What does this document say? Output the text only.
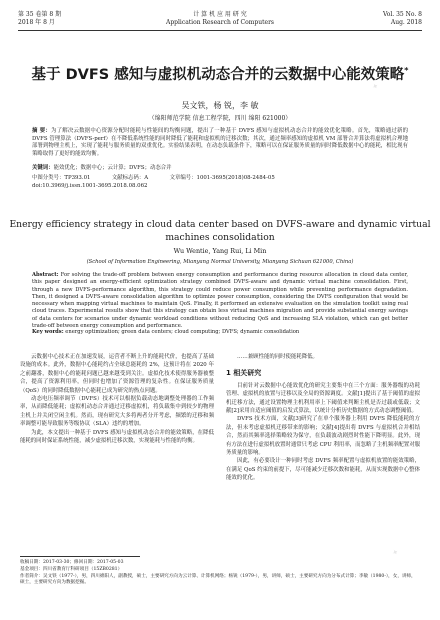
第 35 卷第 8 期
2018 年 8 月
计 算 机 应 用 研 究
Application Research of Computers
Vol. 35 No. 8
Aug. 2018
✦
✦
基于 DVFS 感知与虚拟机动态合并的云数据中心能效策略*
吴文铁，杨 锐，李 敏
（绵阳师范学院 信息工程学院，四川 绵阳 621000）
摘 要：为了解决云数据中心资源分配时能耗与性能间的均衡问题，提出了一种基于 DVFS 感知与虚拟机动态合并的能效优化策略。首先，策略通过新的 DVFS 管理算法（DVFS-perf）在不降低系统性能的同时降低了能耗和虚拟机的迁移次数；其次，通过频率感知的虚拟机 VM 部署合并算法将虚拟机合理地部署到物理主机上，实现了能耗与服务质量的双重优化。实验结果表明，在动态负载条件下，策略可以在保证服务质量的同时降低数据中心的能耗，相比现有策略取得了更好的能效均衡。
关键词：能效优化；数据中心；云计算；DVFS；动态合并
中图分类号：TP393.01	文献标志码：A	文章编号：1001-3695(2018)08-2484-05
doi:10.3969/j.issn.1001-3695.2018.08.062
Energy efficiency strategy in cloud data center based on DVFS-aware and dynamic virtual machines consolidation
Wu Wentie, Yang Rui, Li Min
(School of Information Engineering, Mianyang Normal University, Mianyang Sichuan 621000, China)
Abstract: For solving the trade-off problem between energy consumption and performance during resource allocation in cloud data center, this paper designed an energy-efficient optimization strategy combined DVFS-aware and dynamic virtual machine consolidation. First, through a new DVFS-performance algorithm, this strategy could reduce power consumption while preventing performance degradation. Then, it designed a DVFS-aware consolidation algorithm to optimize power consumption, considering the DVFS configuration that would be necessary when mapping virtual machines to maintain QoS. Finally, it performed an extensive evaluation on the simulation toolkit using real cloud traces. Experimental results show that this strategy can obtain less virtual machines migration and provide substantial energy savings of data centers for scenarios under dynamic workload conditions without reducing QoS and increasing SLA violation, which can get better trade-off between energy consumption and performance.
Key words: energy optimization; green data centers; cloud computing; DVFS; dynamic consolidation

云数据中心技术正在加速发展，运营者不断上升的能耗代价，也提高了基础设施的成本。此外，数据中心能耗约占全球总能耗的 2%，这预计将在 2020 年之前翻番，数据中心的能耗问题已越来越受到关注。虚拟化技术使得服务器被整合，提高了资源利用率，但同时也增加了资源管理的复杂性。在保证服务质量（QoS）的同时降低数据中心能耗已成为研究的热点问题。

动态电压频率调节（DVFS）技术可以根据负载动态地调整处理器的工作频率，从而降低能耗；虚拟机动态合并通过迁移虚拟机，将负载集中到较少的物理主机上并关闭空闲主机。然而，现有研究大多将两者分开考虑，频繁的迁移和频率调整可能导致服务等级协议（SLA）违约的增加。

为此，本文提出一种基于 DVFS 感知与虚拟机动态合并的能效策略，在降低能耗的同时保证系统性能，减少虚拟机迁移次数，实现能耗与性能的均衡。

……兼顾性能的同时使能耗降低。

1 相关研究

目前针对云数据中心能效优化的研究主要集中在三个方面：服务器级的功耗管理、虚拟机的放置与迁移以及全局的资源调度。文献[1]提出了基于阈值的虚拟机迁移方法，通过设置物理主机利用率上下阈值来判断主机是否过载或低载；文献[2]采用自适应阈值的启发式算法，以统计分析历史数据的方式动态调整阈值。

DVFS 技术方面，文献[3]研究了在单个服务器上利用 DVFS 降低能耗的方法，但未考虑虚拟机迁移带来的影响；文献[4]提出将 DVFS 与虚拟机合并相结合，然而其频率选择策略较为保守，在负载波动剧烈时性能下降明显。此外，现有方法在进行虚拟机放置时通常只考虑 CPU 利用率，而忽略了主机频率配置对服务质量的影响。

因此，有必要设计一种同时考虑 DVFS 频率配置与虚拟机放置的能效策略，在满足 QoS 约束的前提下，尽可能减少迁移次数和能耗，从而实现数据中心整体能效的优化。

收稿日期：2017-03-30；修回日期：2017-05-03
基金项目：四川省教育厅科研项目（15ZB0281）
作者简介：吴文铁（1977-），男，四川绵阳人，副教授，硕士，主要研究方向为云计算、计算机网络；杨锐（1979-），男，讲师，硕士，主要研究方向为分布式计算；李敏（1980-），女，讲师，硕士，主要研究方向为数据挖掘。
